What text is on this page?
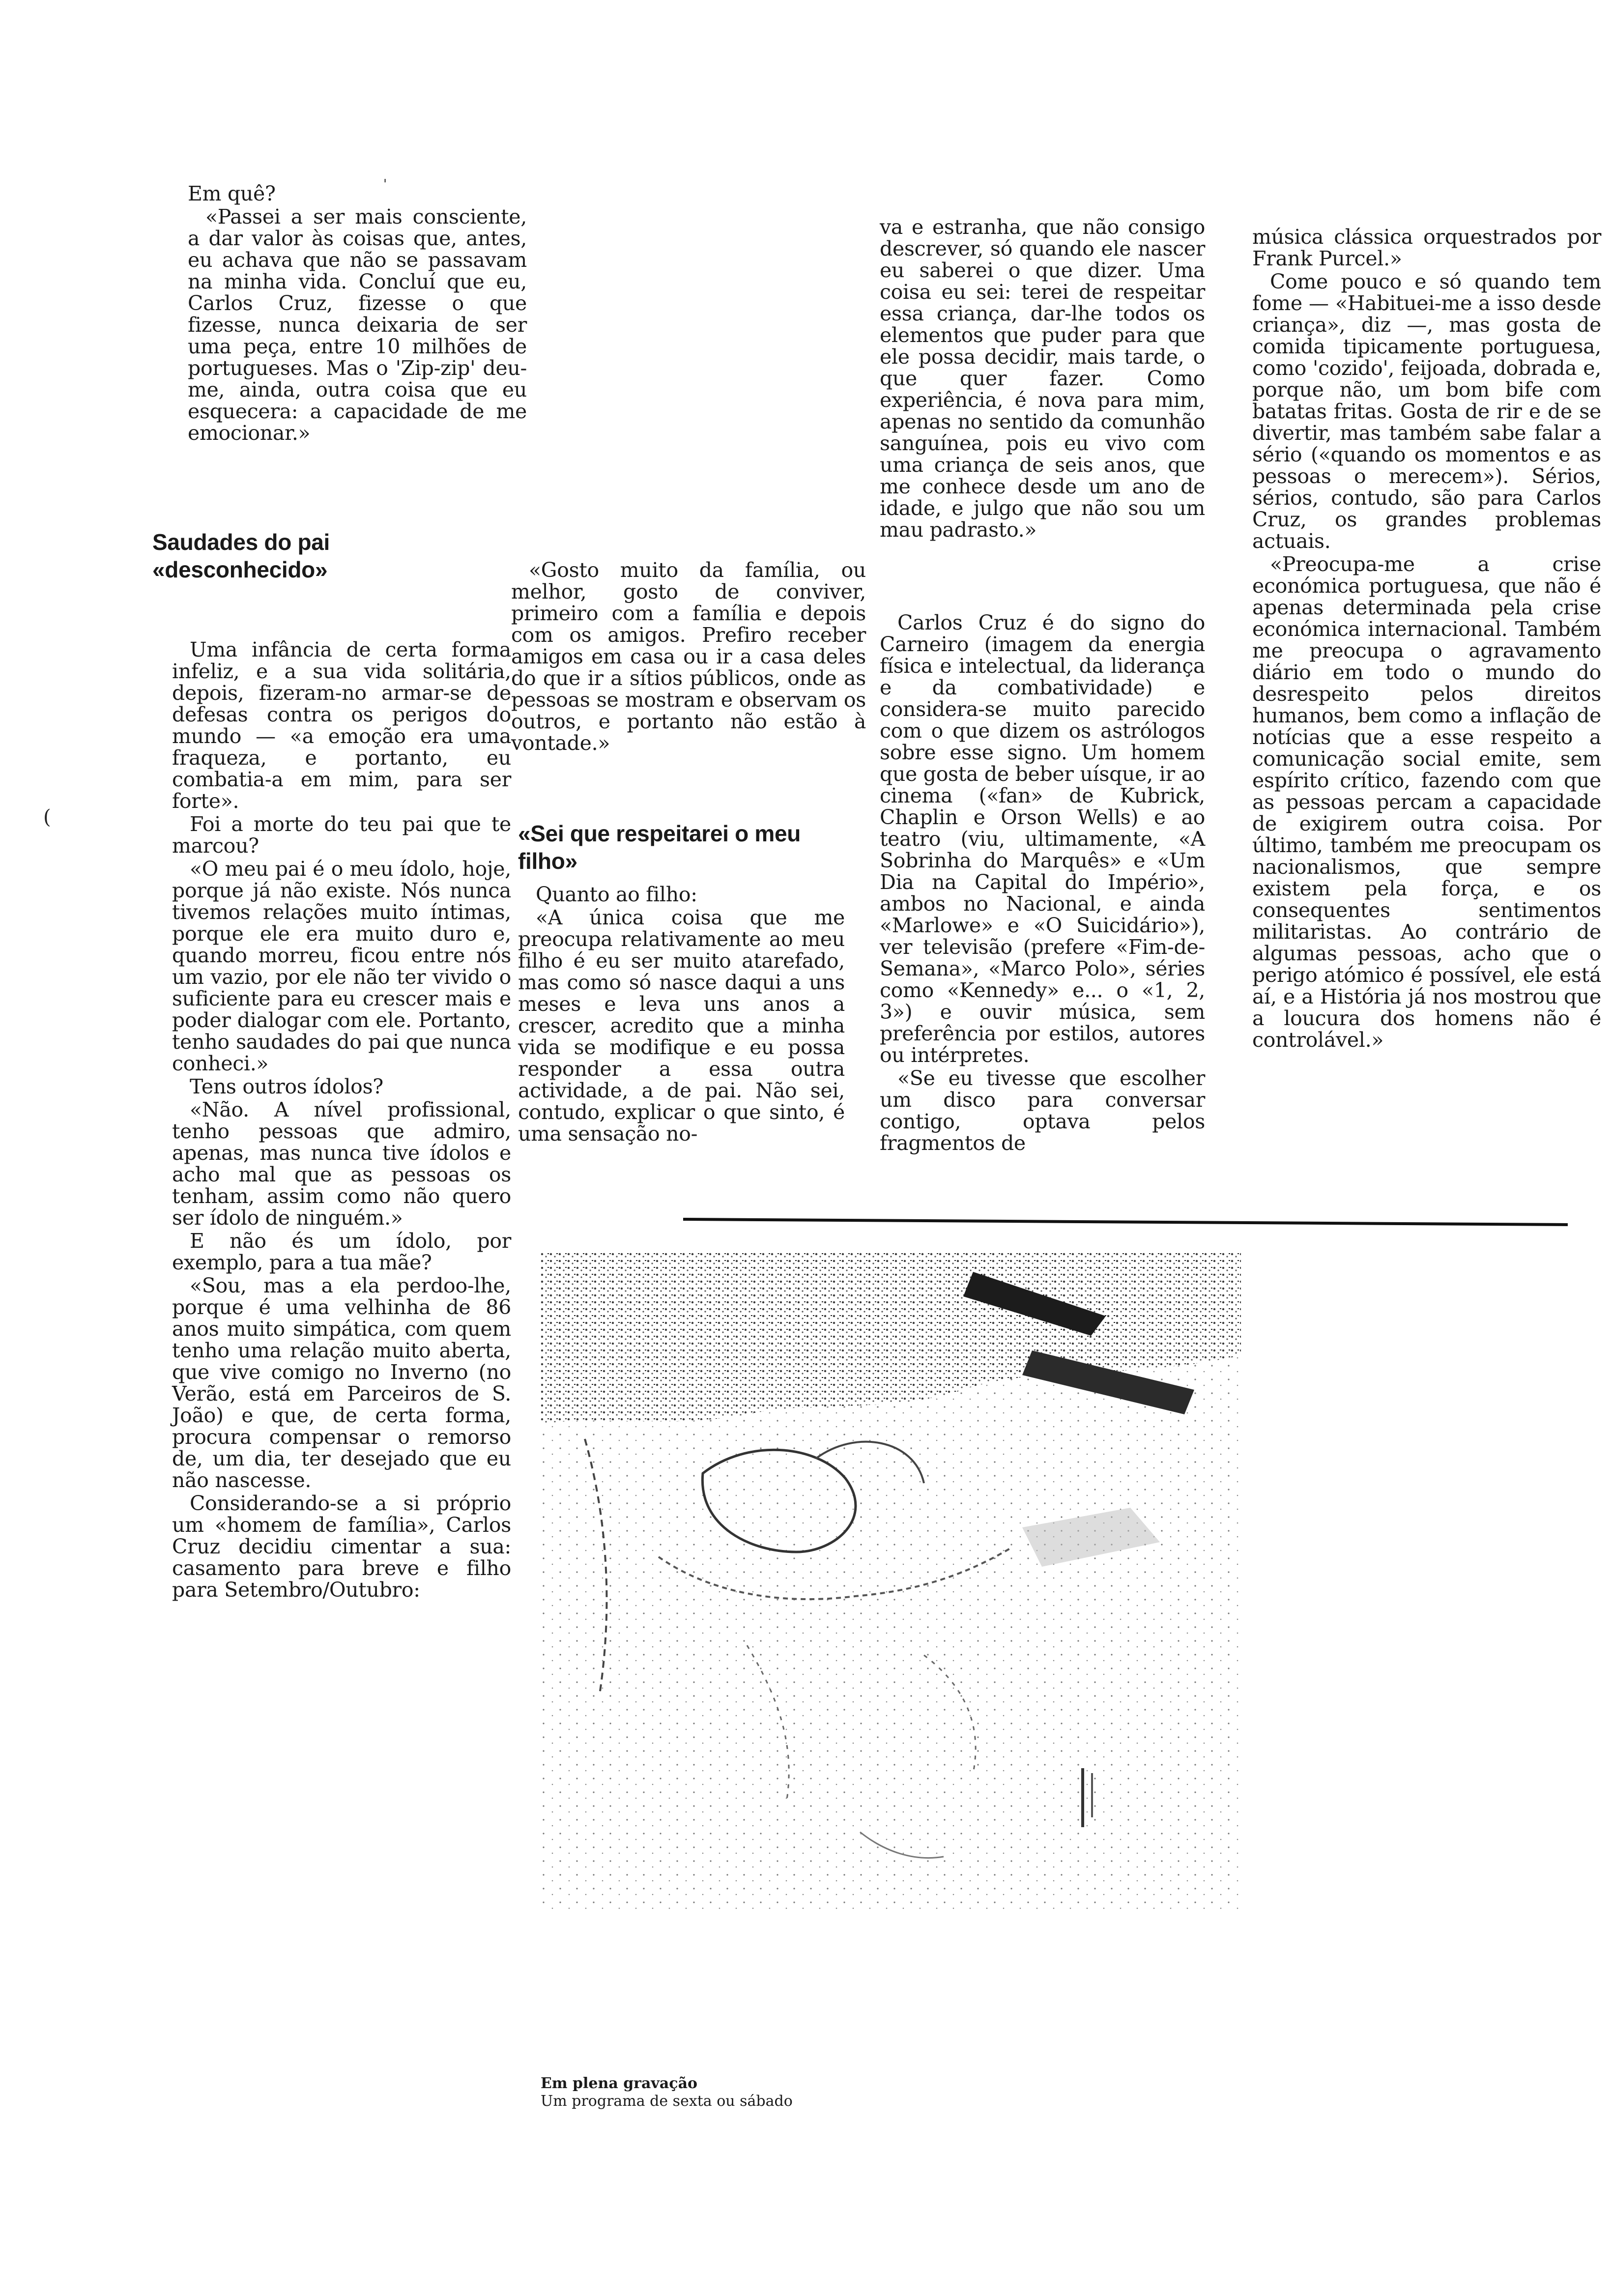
(
'

Em quê?

«Passei a ser mais consciente, a dar valor às coisas que, antes, eu achava que não se passavam na minha vida. Concluí que eu, Carlos Cruz, fizesse o que fizesse, nunca deixaria de ser uma peça, entre 10 milhões de portugueses. Mas o 'Zip-zip' deu-me, ainda, outra coisa que eu esquecera: a capacidade de me emocionar.»

Saudades do pai «desconhecido»

Uma infância de certa forma infeliz, e a sua vida solitária, depois, fizeram-no armar-se de defesas contra os perigos do mundo — «a emoção era uma fraqueza, e portanto, eu combatia-a em mim, para ser forte».

Foi a morte do teu pai que te marcou?

«O meu pai é o meu ídolo, hoje, porque já não existe. Nós nunca tivemos relações muito íntimas, porque ele era muito duro e, quando morreu, ficou entre nós um vazio, por ele não ter vivido o suficiente para eu crescer mais e poder dialogar com ele. Portanto, tenho saudades do pai que nunca conheci.»

Tens outros ídolos?

«Não. A nível profissional, tenho pessoas que admiro, apenas, mas nunca tive ídolos e acho mal que as pessoas os tenham, assim como não quero ser ídolo de ninguém.»

E não és um ídolo, por exemplo, para a tua mãe?

«Sou, mas a ela perdoo-lhe, porque é uma velhinha de 86 anos muito simpática, com quem tenho uma relação muito aberta, que vive comigo no Inverno (no Verão, está em Parceiros de S. João) e que, de certa forma, procura compensar o remorso de, um dia, ter desejado que eu não nascesse.

Considerando-se a si próprio um «homem de família», Carlos Cruz decidiu cimentar a sua: casamento para breve e filho para Setembro/Outubro:

«Gosto muito da família, ou melhor, gosto de conviver, primeiro com a família e depois com os amigos. Prefiro receber amigos em casa ou ir a casa deles do que ir a sítios públicos, onde as pessoas se mostram e observam os outros, e portanto não estão à vontade.»

«Sei que respeitarei o meu filho»

Quanto ao filho:

«A única coisa que me preocupa relativamente ao meu filho é eu ser muito atarefado, mas como só nasce daqui a uns meses e leva uns anos a crescer, acredito que a minha vida se modifique e eu possa responder a essa outra actividade, a de pai. Não sei, contudo, explicar o que sinto, é uma sensação no-

va e estranha, que não consigo descrever, só quando ele nascer eu saberei o que dizer. Uma coisa eu sei: terei de respeitar essa criança, dar-lhe todos os elementos que puder para que ele possa decidir, mais tarde, o que quer fazer. Como experiência, é nova para mim, apenas no sentido da comunhão sanguínea, pois eu vivo com uma criança de seis anos, que me conhece desde um ano de idade, e julgo que não sou um mau padrasto.»

Carlos Cruz é do signo do Carneiro (imagem da energia física e intelectual, da liderança e da combatividade) e considera-se muito parecido com o que dizem os astrólogos sobre esse signo. Um homem que gosta de beber uísque, ir ao cinema («fan» de Kubrick, Chaplin e Orson Wells) e ao teatro (viu, ultimamente, «A Sobrinha do Marquês» e «Um Dia na Capital do Império», ambos no Nacional, e ainda «Marlowe» e «O Suicidário»), ver televisão (prefere «Fim-de-Semana», «Marco Polo», séries como «Kennedy» e... o «1, 2, 3») e ouvir música, sem preferência por estilos, autores ou intérpretes.

«Se eu tivesse que escolher um disco para conversar contigo, optava pelos fragmentos de

música clássica orquestrados por Frank Purcel.»

Come pouco e só quando tem fome — «Habituei-me a isso desde criança», diz —, mas gosta de comida tipicamente portuguesa, como 'cozido', feijoada, dobrada e, porque não, um bom bife com batatas fritas. Gosta de rir e de se divertir, mas também sabe falar a sério («quando os momentos e as pessoas o merecem»). Sérios, sérios, contudo, são para Carlos Cruz, os grandes problemas actuais.

«Preocupa-me a crise económica portuguesa, que não é apenas determinada pela crise económica internacional. Também me preocupa o agravamento diário em todo o mundo do desrespeito pelos direitos humanos, bem como a inflação de notícias que a esse respeito a comunicação social emite, sem espírito crítico, fazendo com que as pessoas percam a capacidade de exigirem outra coisa. Por último, também me preocupam os nacionalismos, que sempre existem pela força, e os consequentes sentimentos militaristas. Ao contrário de algumas pessoas, acho que o perigo atómico é possível, ele está aí, e a História já nos mostrou que a loucura dos homens não é controlável.»

Em plena gravação
Um programa de sexta ou sábado
